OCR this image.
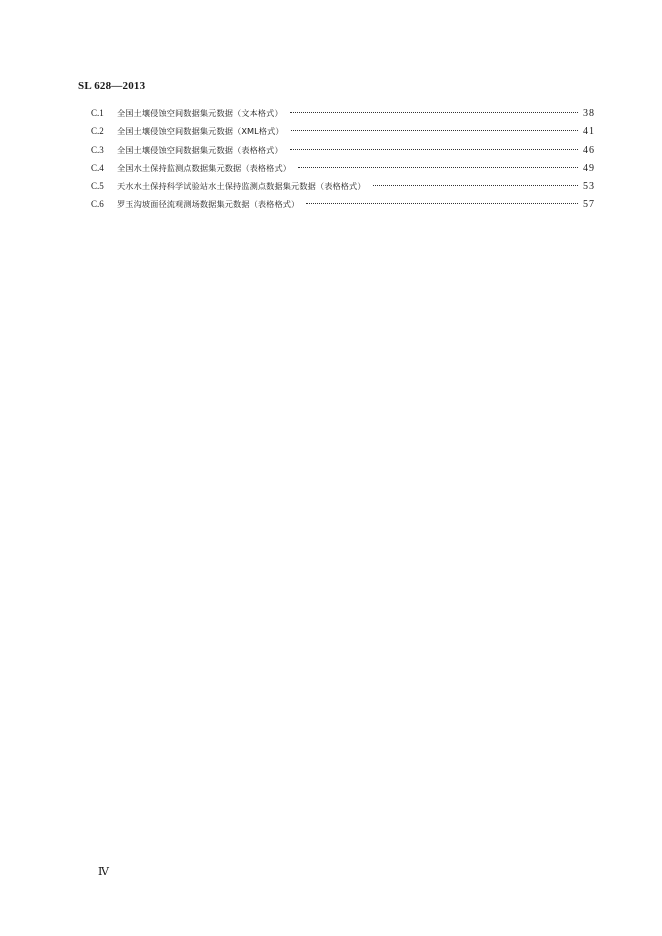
SL 628—2013
C.1	全国土壤侵蚀空间数据集元数据（文本格式）	38
C.2	全国土壤侵蚀空间数据集元数据（XML格式）	41
C.3	全国土壤侵蚀空间数据集元数据（表格格式）	46
C.4	全国水土保持监测点数据集元数据（表格格式）	49
C.5	天水水土保持科学试验站水土保持监测点数据集元数据（表格格式）	53
C.6	罗玉沟坡面径流观测场数据集元数据（表格格式）	57
Ⅳ
